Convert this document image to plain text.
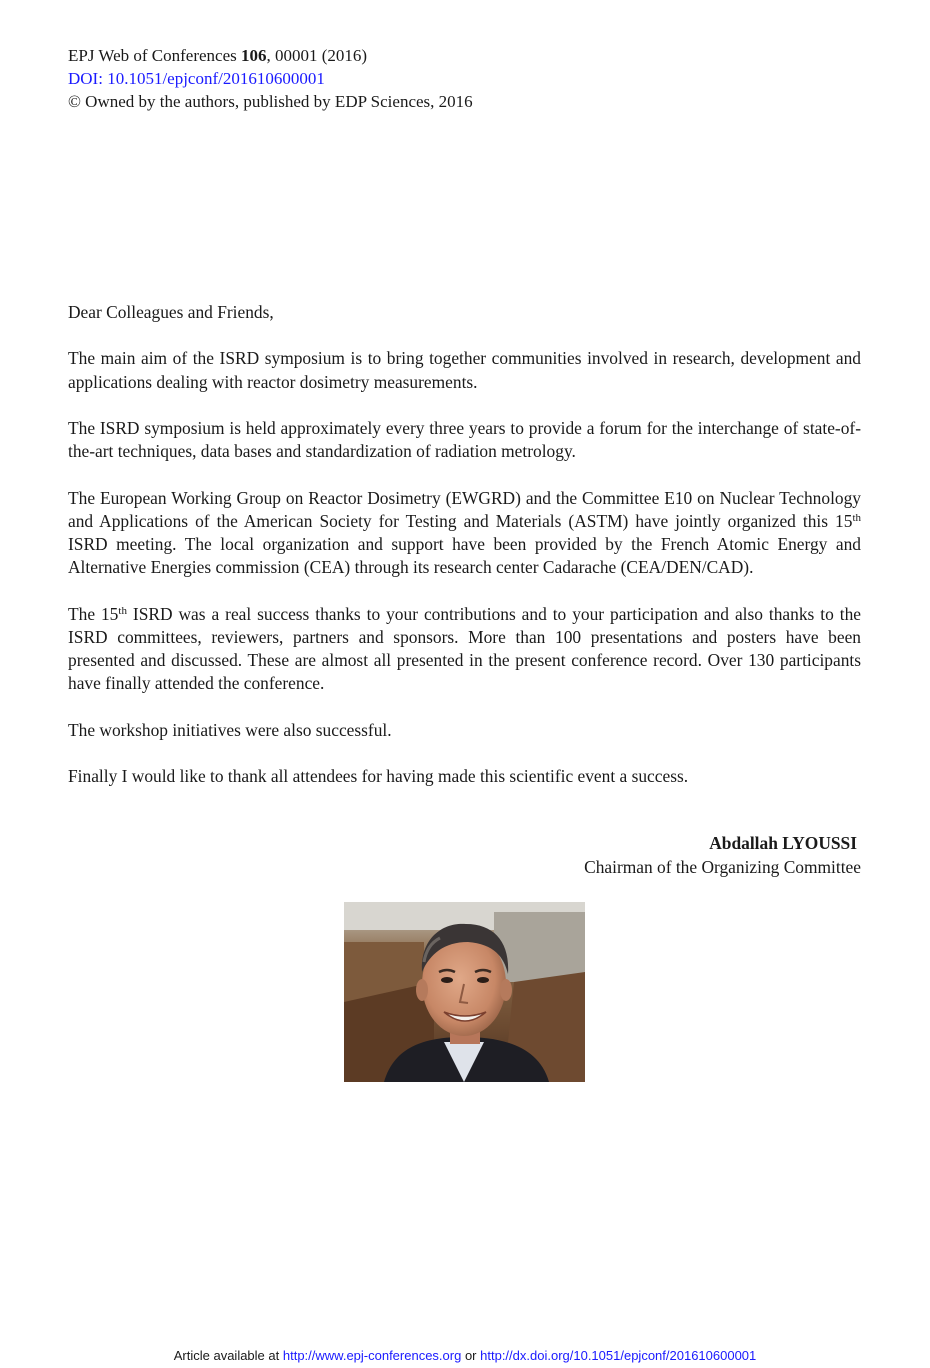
EPJ Web of Conferences 106, 00001 (2016)
DOI: 10.1051/epjconf/201610600001
© Owned by the authors, published by EDP Sciences, 2016

Dear Colleagues and Friends,

The main aim of the ISRD symposium is to bring together communities involved in research, development and applications dealing with reactor dosimetry measurements.

The ISRD symposium is held approximately every three years to provide a forum for the interchange of state-of-the-art techniques, data bases and standardization of radiation metrology.

The European Working Group on Reactor Dosimetry (EWGRD) and the Committee E10 on Nuclear Technology and Applications of the American Society for Testing and Materials (ASTM) have jointly organized this 15th ISRD meeting. The local organization and support have been provided by the French Atomic Energy and Alternative Energies commission (CEA) through its research center Cadarache (CEA/DEN/CAD).

The 15th ISRD was a real success thanks to your contributions and to your participation and also thanks to the ISRD committees, reviewers, partners and sponsors. More than 100 presentations and posters have been presented and discussed. These are almost all presented in the present conference record. Over 130 participants have finally attended the conference.

The workshop initiatives were also successful.

Finally I would like to thank all attendees for having made this scientific event a success.

Abdallah LYOUSSI
Chairman of the Organizing Committee
Article available at http://www.epj-conferences.org or http://dx.doi.org/10.1051/epjconf/201610600001
